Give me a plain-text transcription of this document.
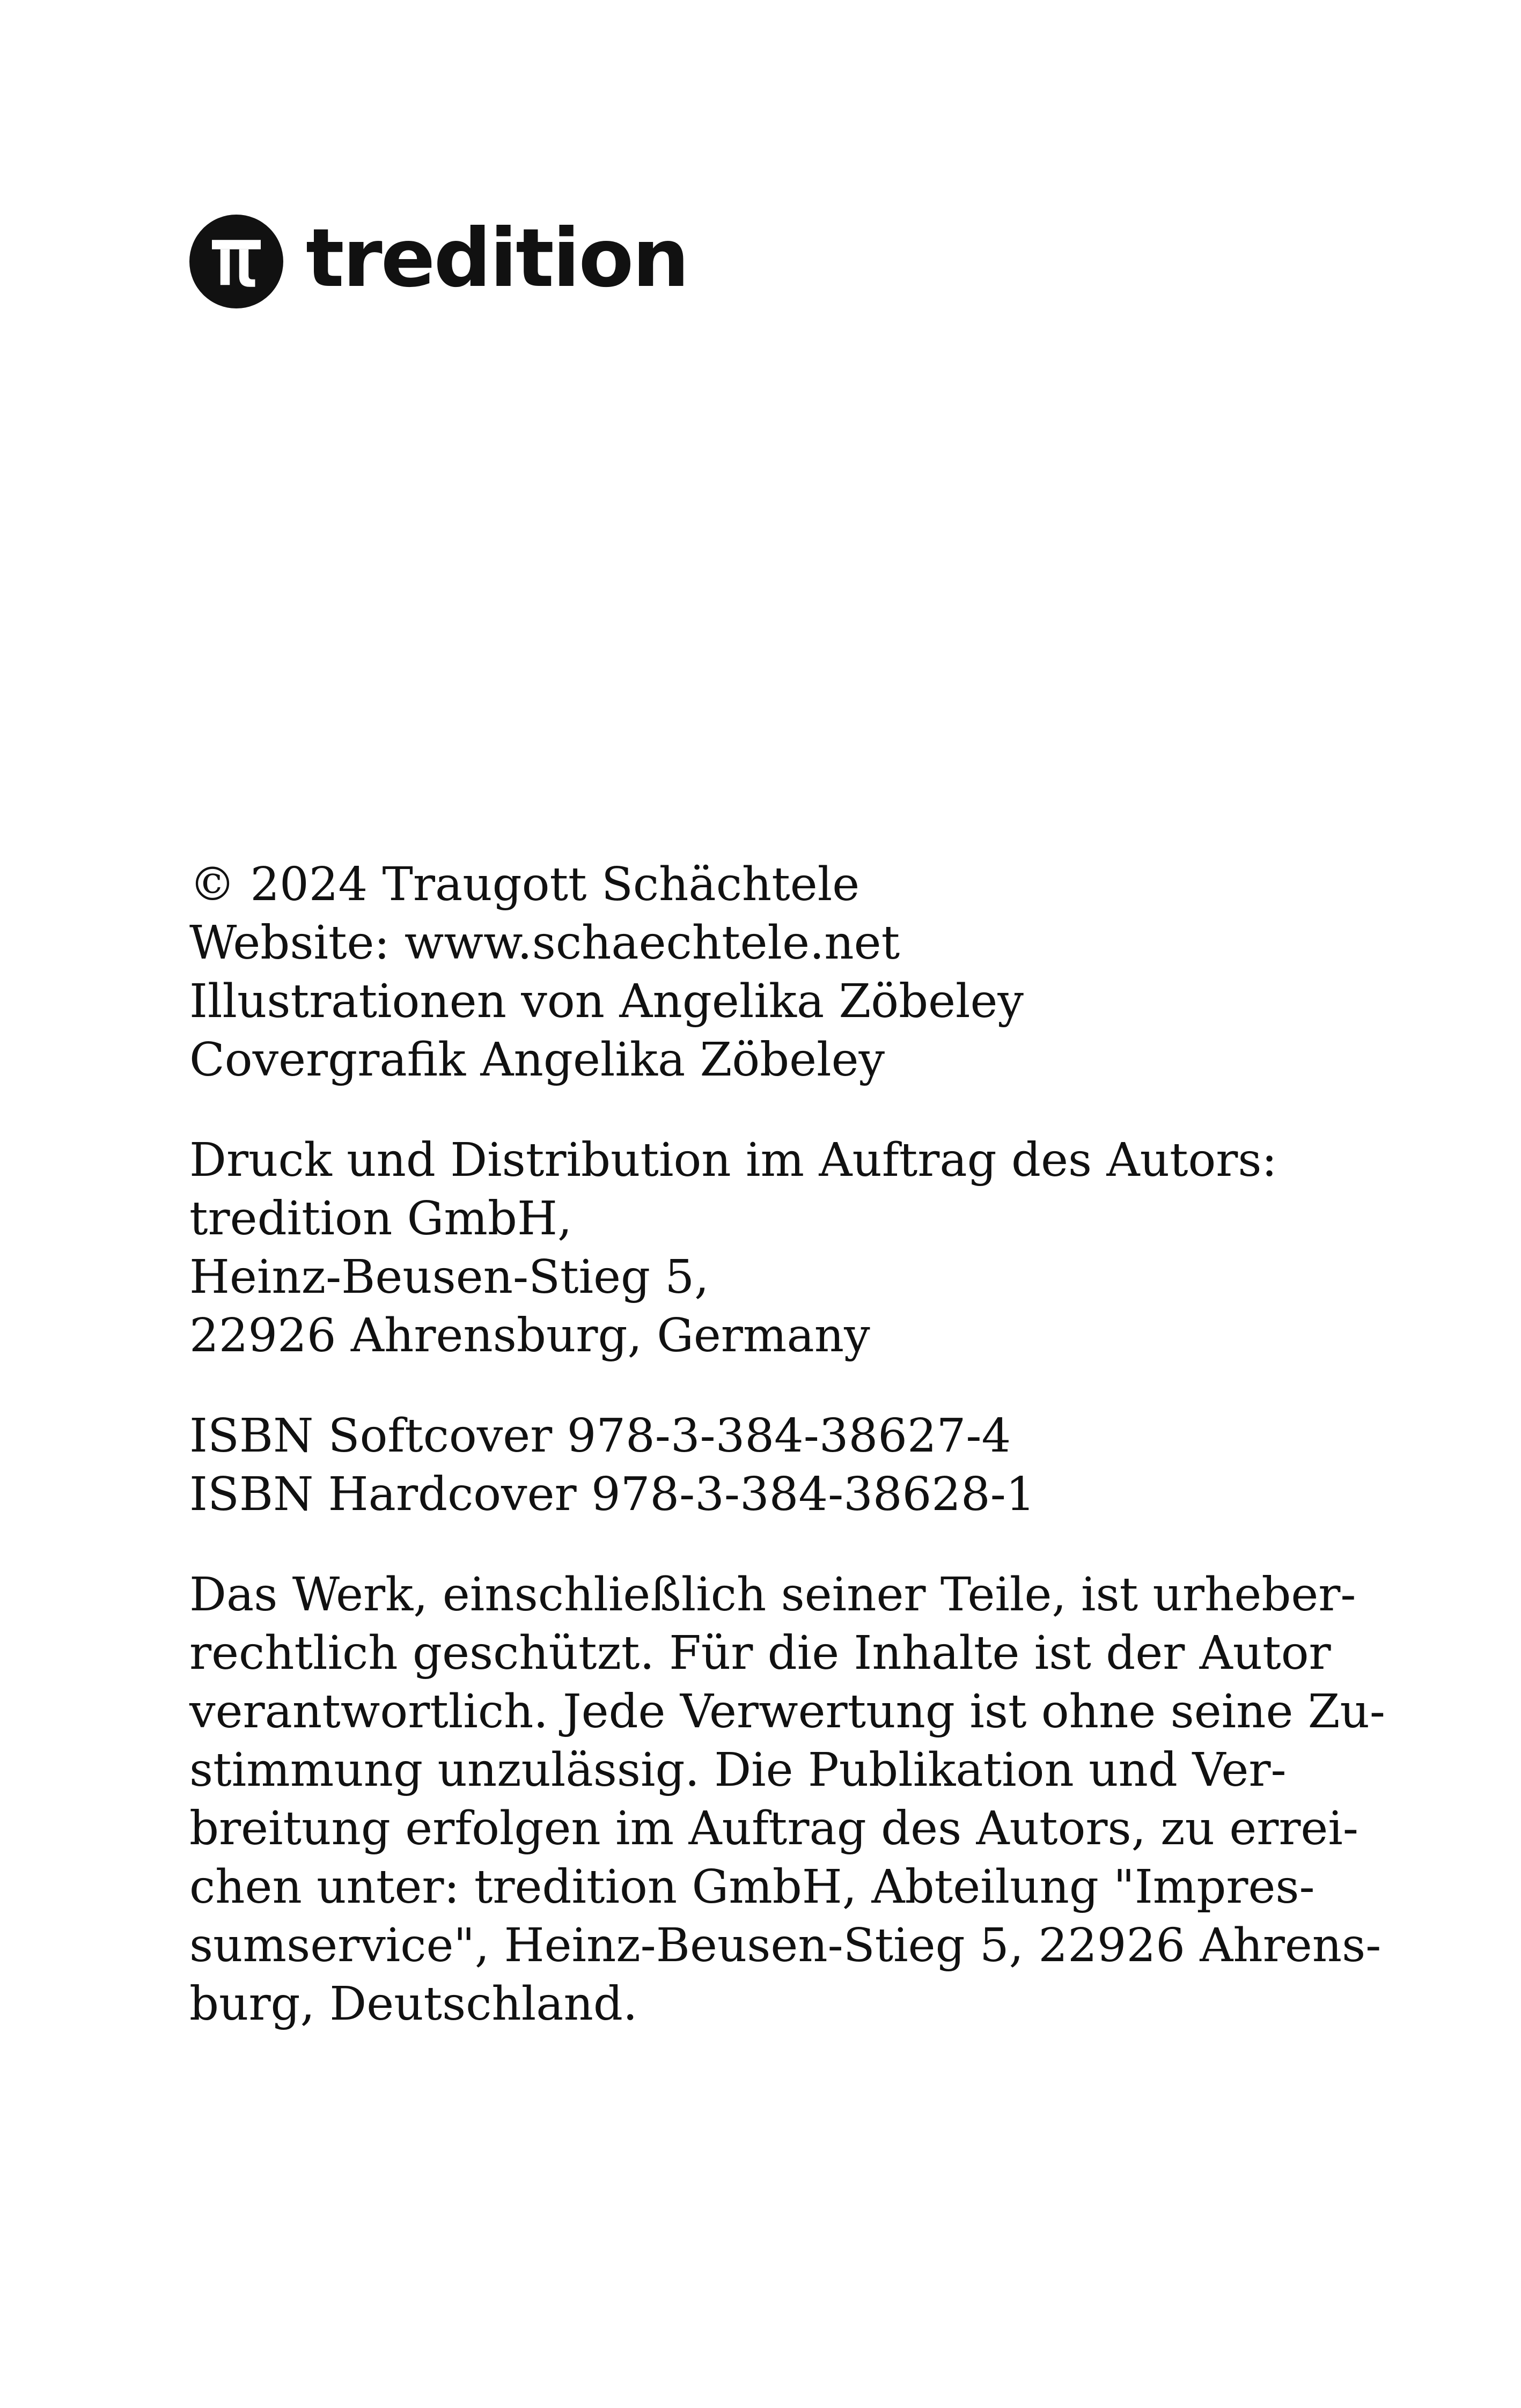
tredition
© 2024 Traugott Schächtele
Website: www.schaechtele.net
Illustrationen von Angelika Zöbeley
Covergrafik Angelika Zöbeley
Druck und Distribution im Auftrag des Autors:
tredition GmbH,
Heinz-Beusen-Stieg 5,
22926 Ahrensburg, Germany
ISBN Softcover 978-3-384-38627-4
ISBN Hardcover 978-3-384-38628-1
Das Werk, einschließlich seiner Teile, ist urheber-
rechtlich geschützt. Für die Inhalte ist der Autor
verantwortlich. Jede Verwertung ist ohne seine Zu-
stimmung unzulässig. Die Publikation und Ver-
breitung erfolgen im Auftrag des Autors, zu errei-
chen unter: tredition GmbH, Abteilung "Impres-
sumservice", Heinz-Beusen-Stieg 5, 22926 Ahrens-
burg, Deutschland.
